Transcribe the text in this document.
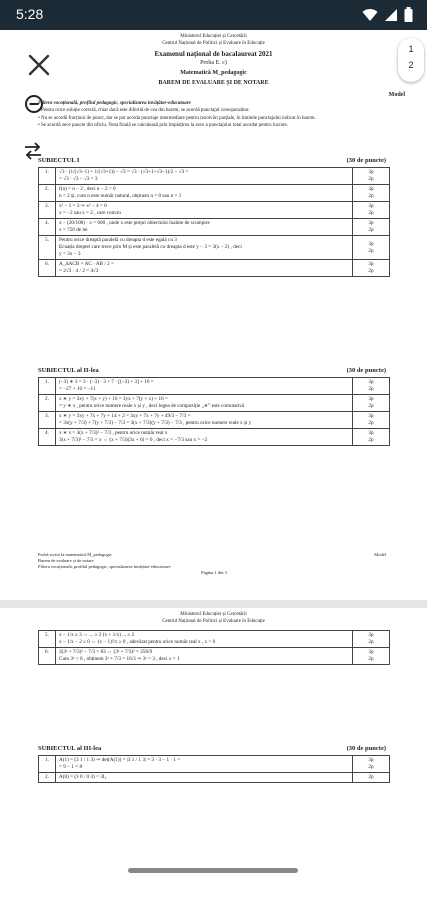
5:28
Ministerul Educației și Cercetării
Centrul Național de Politici și Evaluare în Educație
Examenul național de bacalaureat 2021
Proba E. c)
Matematică M_pedagogic
BAREM DE EVALUARE ȘI DE NOTARE
Model
Filiera vocațională, profilul pedagogic, specializarea învățător-educatoare
• Pentru orice soluție corectă, chiar dacă este diferită de cea din barem, se acordă punctajul corespunzător.
• Nu se acordă fracțiuni de punct, dar se pot acorda punctaje intermediare pentru rezolvări parțiale, în limitele punctajului indicat în barem.
• Se acordă zece puncte din oficiu. Nota finală se calculează prin împărțirea la zece a punctajului total acordat pentru lucrare.
SUBIECTUL I	(30 de puncte)
1.	√3 · (1/(√3−1) + 1/(√3+1)) − √3 = √3 · (√3+1+√3−1)/2 − √3 =
= √3 · √3 − √3 = 3	3p
2p

2.	f(n) = n − 2 , deci n − 2 < 0
n < 2 și, cum n este număr natural, obținem n = 0 sau n = 1	3p
2p

3.	x² − 1 = 3 ⇒ x² − 4 = 0
x = −2 sau x = 2 , care convin	3p
2p

4.	x − (20/100) · x = 600 , unde x este prețul obiectului înainte de scumpire
x = 750 de lei	3p
2p

5.	Pentru orice dreaptă paralelă cu dreapta d este egală cu 3
Ecuația dreptei care trece prin M și este paralelă cu dreapta d este y − 3 = 3(x − 2) , deci
y = 3x − 3	3p
2p

6.	A_ΔACB = AC · AB / 2 =
= 2√3 · 4 / 2 = 4√3	3p
2p
SUBIECTUL al II-lea	(30 de puncte)
1.	(−3) ∗ 3 = 3 · (−3) · 3 + 7 · [(−3) + 3] + 16 =
= −27 + 16 = −11	3p
2p

2.	x ∗ y = 3xy + 7(x + y) + 16 = 3yx + 7(y + x) + 16 =
= y ∗ x , pentru orice numere reale x și y , deci legea de compoziție „∗” este comutativă	3p
2p

3.	x ∗ y = 3xy + 7x + 7y + 14 + 2 = 3xy + 7x + 7y + 49/3 − 7/3 =
= 3x(y + 7/3) + 7(y + 7/3) − 7/3 = 3(x + 7/3)(y + 7/3) − 7/3 , pentru orice numere reale x și y	3p
2p

4.	x ∗ x = 3(x + 7/3)² − 7/3 , pentru orice număr real x
3(x + 7/3)² − 7/3 = x ⇔ (x + 7/3)(3x + 6) = 0 , deci x = −7/3 sau x = −2	3p
2p
Probă scrisă la matematică M_pedagogic
Barem de evaluare și de notare
Filiera vocațională, profilul pedagogic, specializarea învățător-educatoare
Pagina 1 din 3
Model
Ministerul Educației și Cercetării
Centrul Național de Politici și Evaluare în Educație
5.	x − 1/x ≥ 3 ⇔ ... ≥ 2 (x + 1/x) ... ≥ 2
x − 1/x − 2 ≥ 0 ⇔ (x − 1)²/x ≥ 0 , adevărat pentru orice număr real x , x > 0	3p
2p

6.	3(3ˣ + 7/3)² − 7/3 = 83 ⇔ (3ˣ + 7/3)² = 256/9
Cum 3ˣ > 0 , obținem 3ˣ + 7/3 = 16/3 ⇒ 3ˣ = 3 , deci x = 1	3p
2p
SUBIECTUL al III-lea	(30 de puncte)
1.	A(1) = (3 1 / 1 3) ⇒ det(A(1)) = |3 1 / 1 3| = 3 · 3 − 1 · 1 =
= 9 − 1 = 8	3p
2p

2.	A(0) = (3 0 / 0 3) = 3I₂	2p
1
2
